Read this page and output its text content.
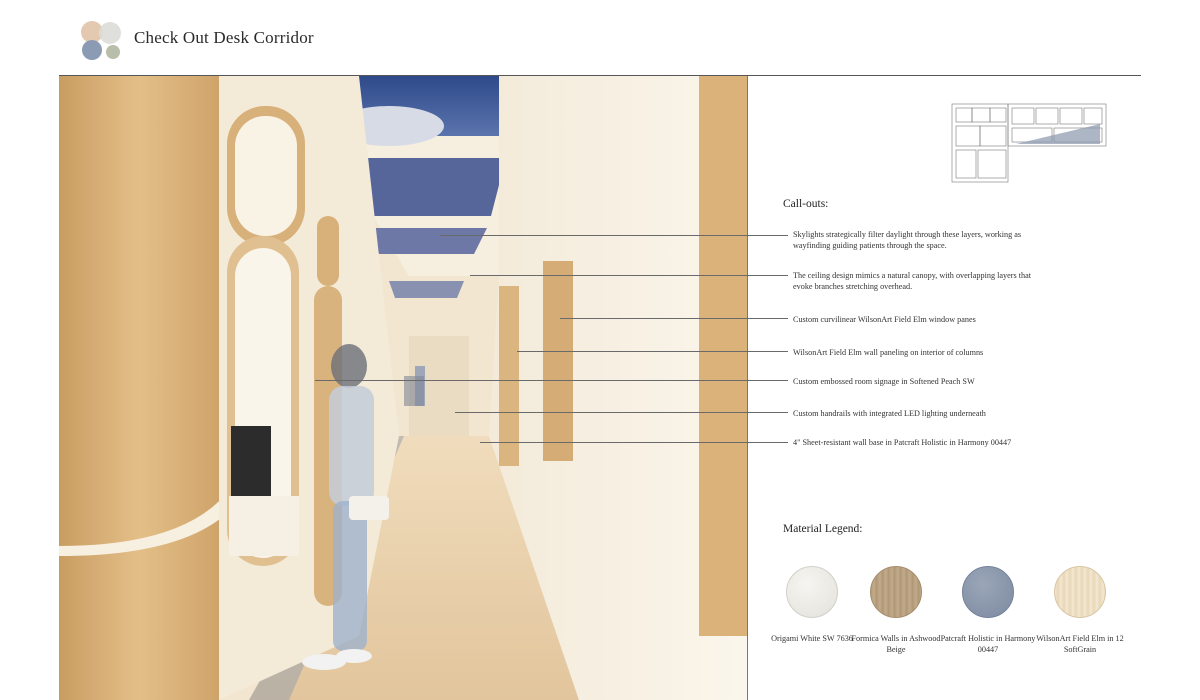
Check Out Desk Corridor
Call-outs:
Skylights strategically filter daylight through these layers, working as wayfinding guiding patients through the space.
The ceiling design mimics a natural canopy, with overlapping layers that evoke branches stretching overhead.
Custom curvilinear WilsonArt Field Elm window panes
WilsonArt Field Elm wall paneling on interior of columns
Custom embossed room signage in Softened Peach SW
Custom handrails with integrated LED lighting underneath
4" Sheet-resistant wall base in Patcraft Holistic in Harmony 00447
Material Legend:
Origami White SW 7636
Formica Walls in Ashwood Beige
Patcraft Holistic in Harmony 00447
WilsonArt Field Elm in 12 SoftGrain
